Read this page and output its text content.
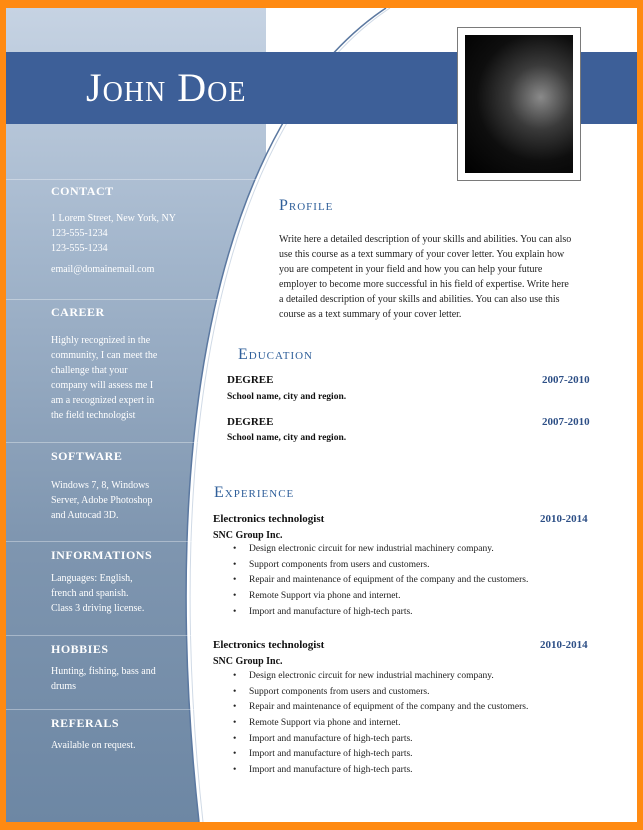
John Doe
CONTACT
1 Lorem Street, New York, NY
123-555-1234
123-555-1234
email@domainemail.com
CAREER
Highly recognized in the
community, I can meet the
challenge that your
company will assess me I
am a recognized expert in
the field technologist
SOFTWARE
Windows 7, 8, Windows
Server, Adobe Photoshop
and Autocad 3D.
INFORMATIONS
Languages: English,
french and spanish.
Class 3 driving license.
HOBBIES
Hunting, fishing, bass and
drums
REFERALS
Available on request.
Profile
Write here a detailed description of your skills and abilities. You can also
use this course as a text summary of your cover letter. You explain how
you are competent in your field and how you can help your future
employer to become more successful in his field of expertise. Write here
a detailed description of your skills and abilities. You can also use this
course as a text summary of your cover letter.
Education
DEGREE	2007-2010
School name, city and region.
DEGREE	2007-2010
School name, city and region.
Experience
Electronics technologist	2010-2014
SNC Group Inc.
• Design electronic circuit for new industrial machinery company.
• Support components from users and customers.
• Repair and maintenance of equipment of the company and the customers.
• Remote Support via phone and internet.
• Import and manufacture of high-tech parts.
Electronics technologist	2010-2014
SNC Group Inc.
• Design electronic circuit for new industrial machinery company.
• Support components from users and customers.
• Repair and maintenance of equipment of the company and the customers.
• Remote Support via phone and internet.
• Import and manufacture of high-tech parts.
• Import and manufacture of high-tech parts.
• Import and manufacture of high-tech parts.
